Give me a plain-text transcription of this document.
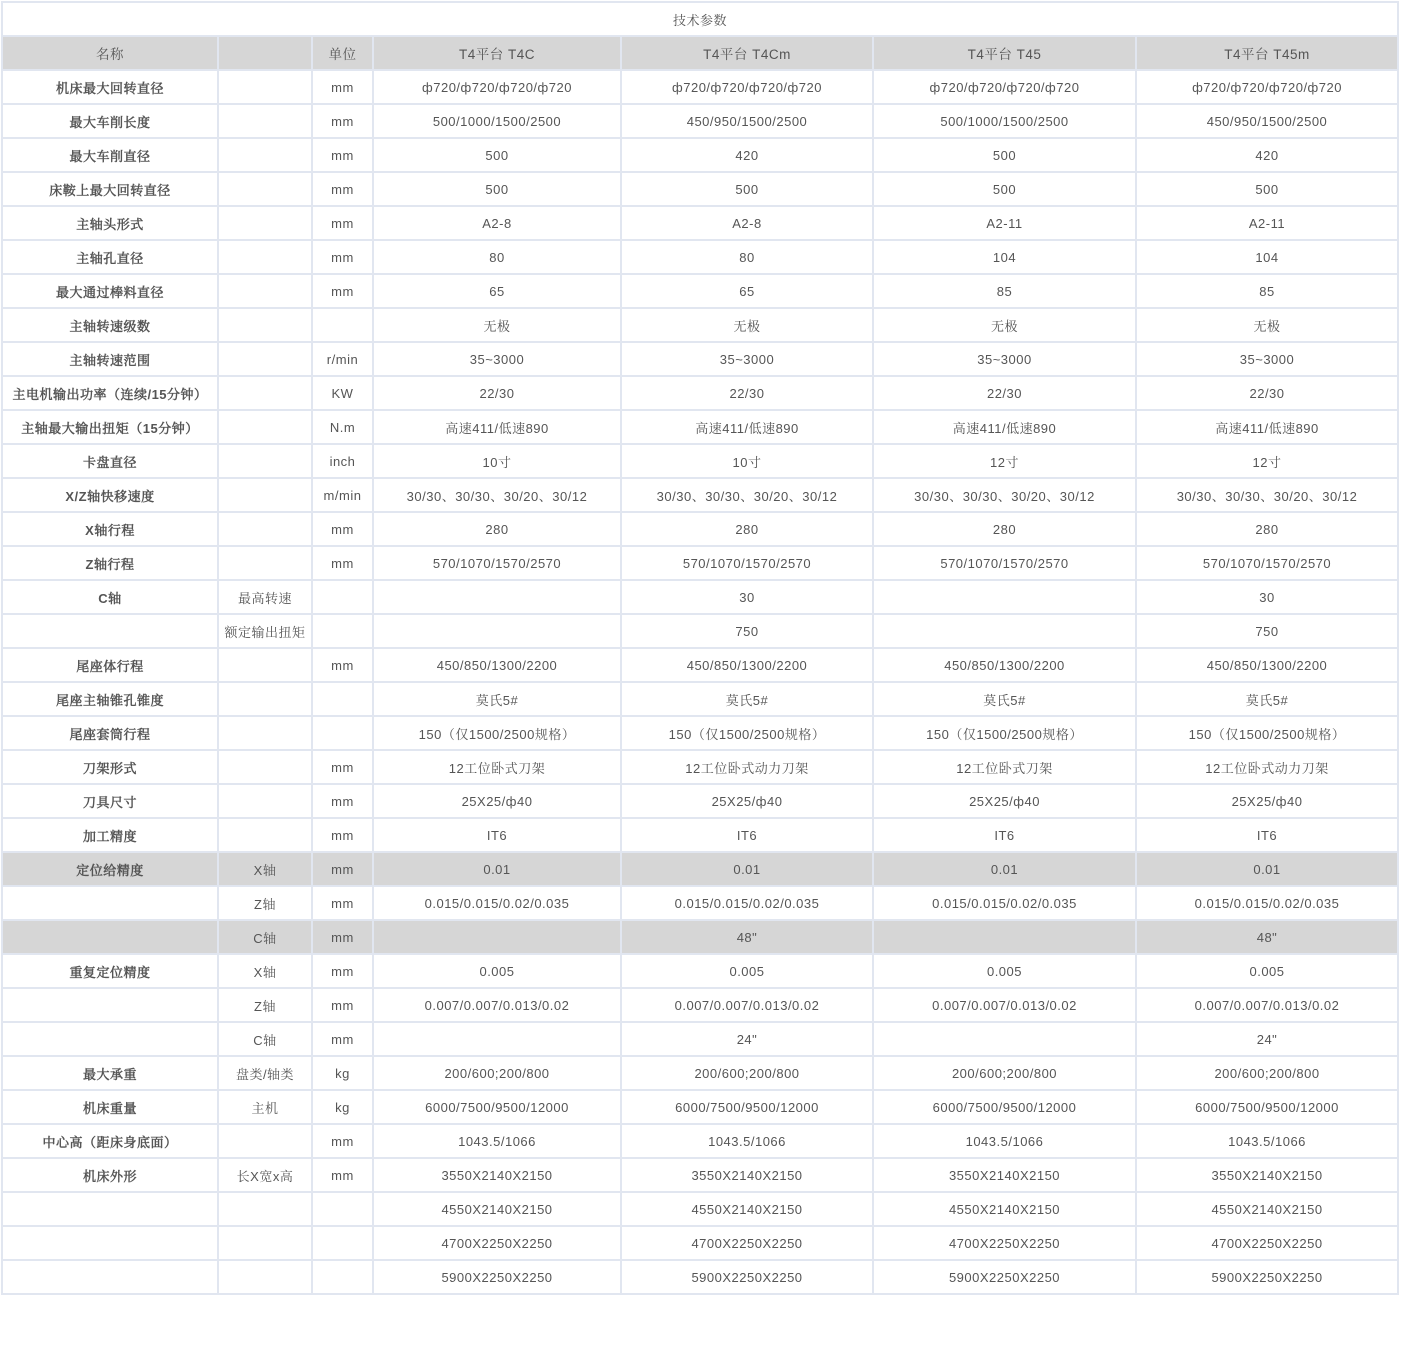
技术参数						
名称		单位	T4平台 T4C	T4平台 T4Cm	T4平台 T45	T4平台 T45m
机床最大回转直径		mm	ф720/ф720/ф720/ф720	ф720/ф720/ф720/ф720	ф720/ф720/ф720/ф720	ф720/ф720/ф720/ф720
最大车削长度		mm	500/1000/1500/2500	450/950/1500/2500	500/1000/1500/2500	450/950/1500/2500
最大车削直径		mm	500	420	500	420
床鞍上最大回转直径		mm	500	500	500	500
主轴头形式		mm	A2-8	A2-8	A2-11	A2-11
主轴孔直径		mm	80	80	104	104
最大通过棒料直径		mm	65	65	85	85
主轴转速级数			无极	无极	无极	无极
主轴转速范围		r/min	35~3000	35~3000	35~3000	35~3000
主电机输出功率（连续/15分钟）		KW	22/30	22/30	22/30	22/30
主轴最大输出扭矩（15分钟）		N.m	高速411/低速890	高速411/低速890	高速411/低速890	高速411/低速890
卡盘直径		inch	10寸	10寸	12寸	12寸
X/Z轴快移速度		m/min	30/30、30/30、30/20、30/12	30/30、30/30、30/20、30/12	30/30、30/30、30/20、30/12	30/30、30/30、30/20、30/12
X轴行程		mm	280	280	280	280
Z轴行程		mm	570/1070/1570/2570	570/1070/1570/2570	570/1070/1570/2570	570/1070/1570/2570
C轴	最高转速			30		30
	额定输出扭矩			750		750
尾座体行程		mm	450/850/1300/2200	450/850/1300/2200	450/850/1300/2200	450/850/1300/2200
尾座主轴锥孔锥度			莫氏5#	莫氏5#	莫氏5#	莫氏5#
尾座套筒行程			150（仅1500/2500规格）	150（仅1500/2500规格）	150（仅1500/2500规格）	150（仅1500/2500规格）
刀架形式		mm	12工位卧式刀架	12工位卧式动力刀架	12工位卧式刀架	12工位卧式动力刀架
刀具尺寸		mm	25X25/ф40	25X25/ф40	25X25/ф40	25X25/ф40
加工精度		mm	IT6	IT6	IT6	IT6
定位给精度	X轴	mm	0.01	0.01	0.01	0.01
	Z轴	mm	0.015/0.015/0.02/0.035	0.015/0.015/0.02/0.035	0.015/0.015/0.02/0.035	0.015/0.015/0.02/0.035
	C轴	mm		48"		48"
重复定位精度	X轴	mm	0.005	0.005	0.005	0.005
	Z轴	mm	0.007/0.007/0.013/0.02	0.007/0.007/0.013/0.02	0.007/0.007/0.013/0.02	0.007/0.007/0.013/0.02
	C轴	mm		24"		24"
最大承重	盘类/轴类	kg	200/600;200/800	200/600;200/800	200/600;200/800	200/600;200/800
机床重量	主机	kg	6000/7500/9500/12000	6000/7500/9500/12000	6000/7500/9500/12000	6000/7500/9500/12000
中心高（距床身底面）		mm	1043.5/1066	1043.5/1066	1043.5/1066	1043.5/1066
机床外形	长X宽x高	mm	3550X2140X2150	3550X2140X2150	3550X2140X2150	3550X2140X2150
			4550X2140X2150	4550X2140X2150	4550X2140X2150	4550X2140X2150
			4700X2250X2250	4700X2250X2250	4700X2250X2250	4700X2250X2250
			5900X2250X2250	5900X2250X2250	5900X2250X2250	5900X2250X2250
